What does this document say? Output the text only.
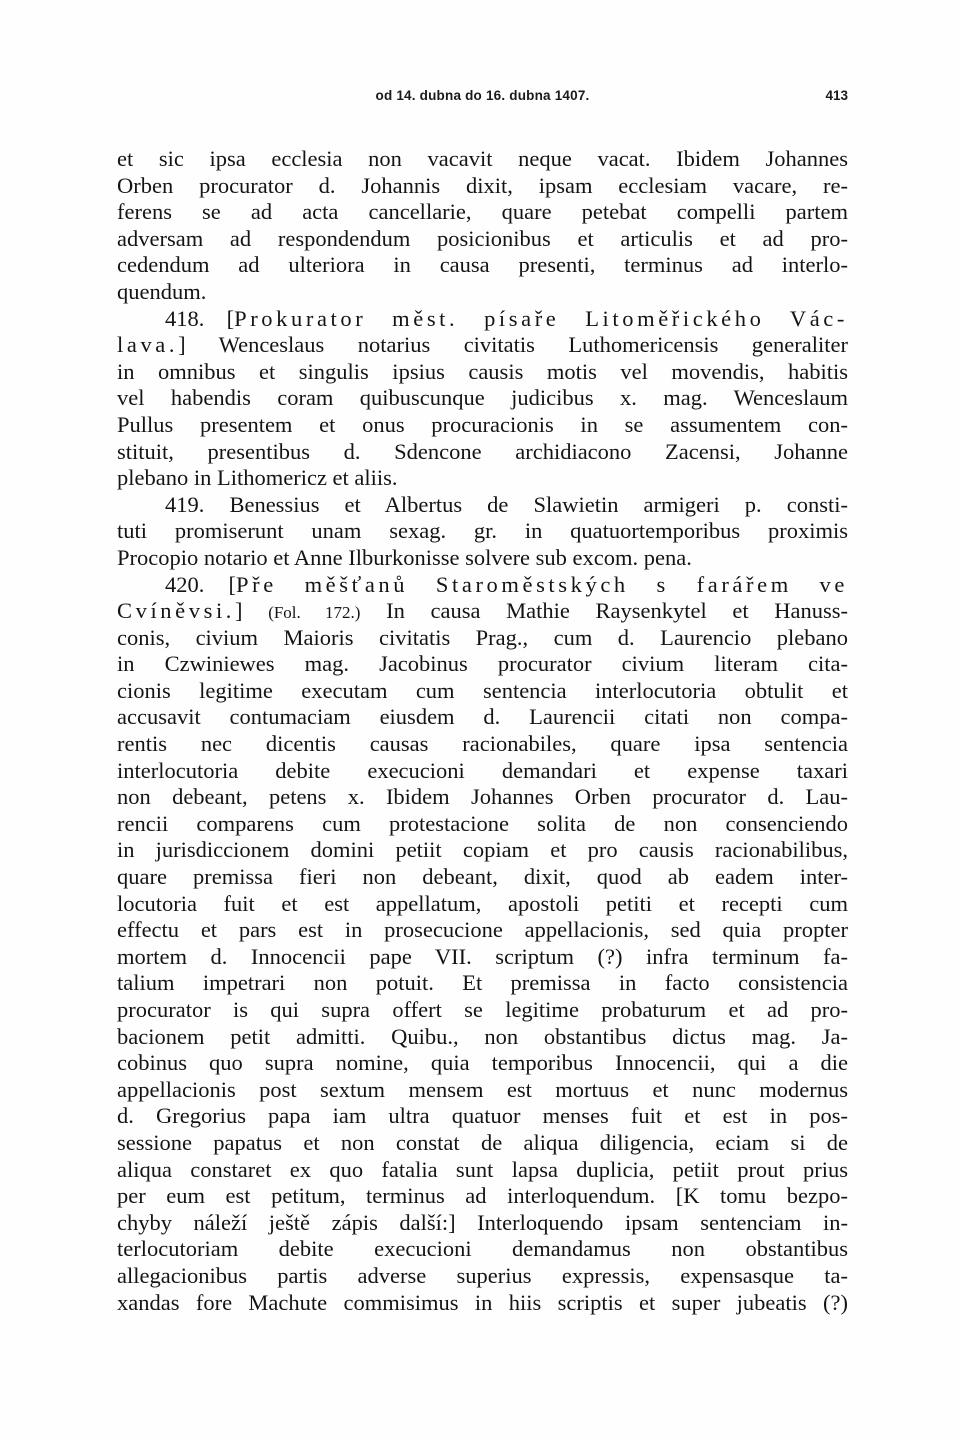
od 14. dubna do 16. dubna 1407.	413
et sic ipsa ecclesia non vacavit neque vacat. Ibidem Johannes
Orben procurator d. Johannis dixit, ipsam ecclesiam vacare, re-
ferens se ad acta cancellarie, quare petebat compelli partem
adversam ad respondendum posicionibus et articulis et ad pro-
cedendum ad ulteriora in causa presenti, terminus ad interlo-
quendum.
418. [Prokurator měst. písaře Litoměřického Vác-
lava.] Wenceslaus notarius civitatis Luthomericensis generaliter
in omnibus et singulis ipsius causis motis vel movendis, habitis
vel habendis coram quibuscunque judicibus x. mag. Wenceslaum
Pullus presentem et onus procuracionis in se assumentem con-
stituit, presentibus d. Sdencone archidiacono Zacensi, Johanne
plebano in Lithomericz et aliis.
419. Benessius et Albertus de Slawietin armigeri p. consti-
tuti promiserunt unam sexag. gr. in quatuortemporibus proximis
Procopio notario et Anne Ilburkonisse solvere sub excom. pena.
420. [Pře měšťanů Staroměstských s farářem ve
Cvíněvsi.] (Fol. 172.) In causa Mathie Raysenkytel et Hanuss-
conis, civium Maioris civitatis Prag., cum d. Laurencio plebano
in Czwiniewes mag. Jacobinus procurator civium literam cita-
cionis legitime executam cum sentencia interlocutoria obtulit et
accusavit contumaciam eiusdem d. Laurencii citati non compa-
rentis nec dicentis causas racionabiles, quare ipsa sentencia
interlocutoria debite execucioni demandari et expense taxari
non debeant, petens x. Ibidem Johannes Orben procurator d. Lau-
rencii comparens cum protestacione solita de non consenciendo
in jurisdiccionem domini petiit copiam et pro causis racionabilibus,
quare premissa fieri non debeant, dixit, quod ab eadem inter-
locutoria fuit et est appellatum, apostoli petiti et recepti cum
effectu et pars est in prosecucione appellacionis, sed quia propter
mortem d. Innocencii pape VII. scriptum (?) infra terminum fa-
talium impetrari non potuit. Et premissa in facto consistencia
procurator is qui supra offert se legitime probaturum et ad pro-
bacionem petit admitti. Quibu., non obstantibus dictus mag. Ja-
cobinus quo supra nomine, quia temporibus Innocencii, qui a die
appellacionis post sextum mensem est mortuus et nunc modernus
d. Gregorius papa iam ultra quatuor menses fuit et est in pos-
sessione papatus et non constat de aliqua diligencia, eciam si de
aliqua constaret ex quo fatalia sunt lapsa duplicia, petiit prout prius
per eum est petitum, terminus ad interloquendum. [K tomu bezpo-
chyby náleží ještě zápis další:] Interloquendo ipsam sentenciam in-
terlocutoriam debite execucioni demandamus non obstantibus
allegacionibus partis adverse superius expressis, expensasque ta-
xandas fore Machute commisimus in hiis scriptis et super jubeatis (?)
